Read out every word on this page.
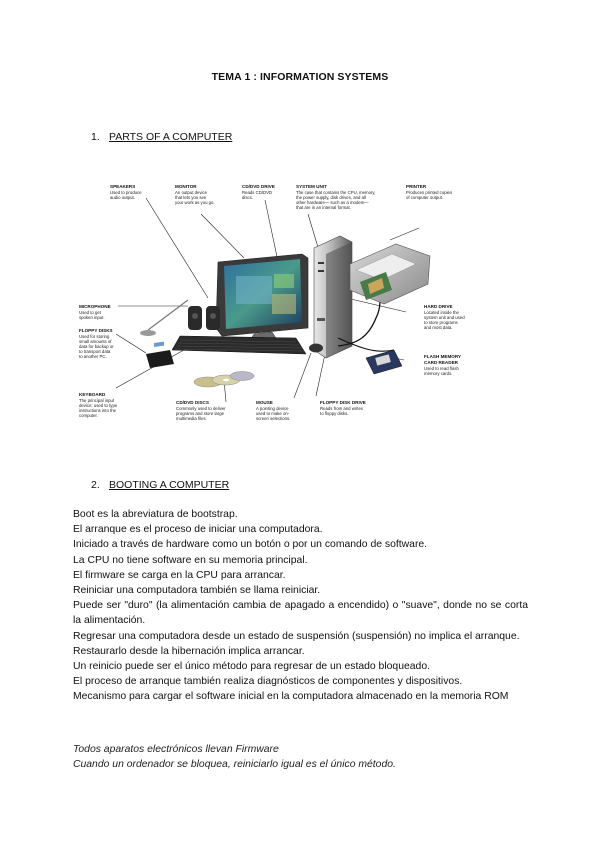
TEMA 1 : INFORMATION SYSTEMS
1. PARTS OF A COMPUTER
SPEAKERS
Used to produce
audio output.
MONITOR
An output device
that lets you see
your work as you go.
CD/DVD DRIVE
Reads CD/DVD
discs.
SYSTEM UNIT
The case that contains the CPU, memory,
the power supply, disk drives, and all
other hardware— such as a modem—
that are in an internal format.
PRINTER
Produces printed copies
of computer output.
MICROPHONE
Used to get
spoken input.
FLOPPY DISKS
Used for storing
small amounts of
data for backup or
to transport data
to another PC.
KEYBOARD
The principal input
device; used to type
instructions into the
computer.
CD/DVD DISCS
Commonly used to deliver
programs and store large
multimedia files.
MOUSE
A pointing device
used to make on-
screen selections.
FLOPPY DISK DRIVE
Reads from and writes
to floppy disks.
HARD DRIVE
Located inside the
system unit and used
to store programs
and most data.
FLASH MEMORY
CARD READER
Used to read flash
memory cards.
2. BOOTING A COMPUTER

Boot es la abreviatura de bootstrap.

El arranque es el proceso de iniciar una computadora.

Iniciado a través de hardware como un botón o por un comando de software.

La CPU no tiene software en su memoria principal.

El firmware se carga en la CPU para arrancar.

Reiniciar una computadora también se llama reiniciar.

Puede ser "duro" (la alimentación cambia de apagado a encendido) o "suave", donde no se corta la alimentación.

Regresar una computadora desde un estado de suspensión (suspensión) no implica el arranque.

Restaurarlo desde la hibernación implica arrancar.

Un reinicio puede ser el único método para regresar de un estado bloqueado.

El proceso de arranque también realiza diagnósticos de componentes y dispositivos.

Mecanismo para cargar el software inicial en la computadora almacenado en la memoria ROM

Todos aparatos electrónicos llevan Firmware

Cuando un ordenador se bloquea, reiniciarlo igual es el único método.
